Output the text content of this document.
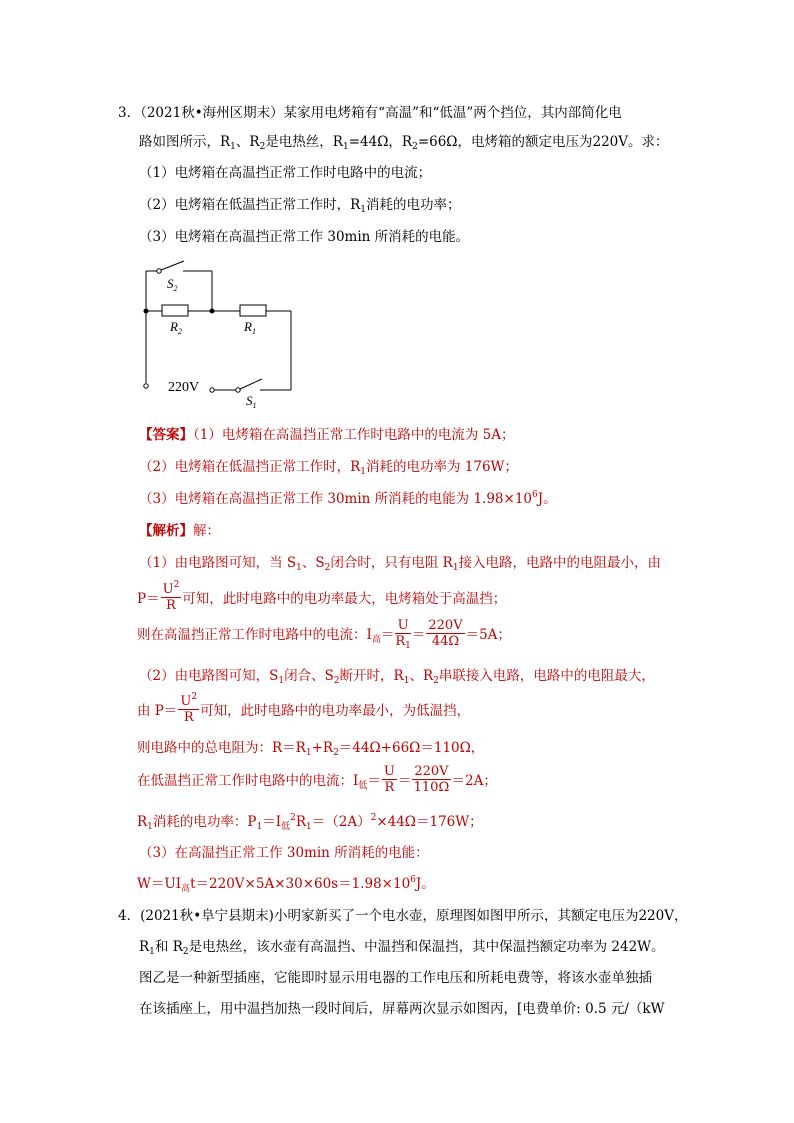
3．（2021秋•海州区期末）某家用电烤箱有“高温”和“低温”两个挡位，其内部简化电
路如图所示，$R_1$、$R_2$是电热丝，$R_1=44\Omega$，$R_2=66\Omega$，电烤箱的额定电压为220V。求：
（1）电烤箱在高温挡正常工作时电路中的电流；
（2）电烤箱在低温挡正常工作时，$R_1$消耗的电功率；
（3）电烤箱在高温挡正常工作 30min 所消耗的电能。
$S_2$
$R_2$	$R_1$
220V
$S_1$
【答案】（1）电烤箱在高温挡正常工作时电路中的电流为 5A；
（2）电烤箱在低温挡正常工作时，$R_1$消耗的电功率为 176W；
（3）电烤箱在高温挡正常工作 30min 所消耗的电能为 $1.98\times 10^6J$。
【解析】解：
（1）由电路图可知，当 $S_1$、$S_2$闭合时，只有电阻 $R_1$接入电路，电路中的电阻最小，由
$P= \frac{U^2}{R}$ 可知，此时电路中的电功率最大，电烤箱处于高温挡；
则在高温挡正常工作时电路中的电流：$I_高= \frac{U}{R_1} = \frac{220V}{44\Omega} =5A$；
（2）由电路图可知，$S_1$闭合、$S_2$断开时，$R_1$、$R_2$串联接入电路，电路中的电阻最大，
由 $P= \frac{U^2}{R}$ 可知，此时电路中的电功率最小，为低温挡，
则电路中的总电阻为：$R=R_1+R_2=44\Omega+66\Omega=110\Omega$，
在低温挡正常工作时电路中的电流：$I_低= \frac{U}{R} = \frac{220V}{110\Omega} =2A$；
$R_1$消耗的电功率：$P_1=I_低^2R_1=(2A)^2\times 44\Omega=176W$；
（3）在高温挡正常工作 30min 所消耗的电能：
$W=UI_高t=220V\times 5A\times 30\times 60s=1.98\times 10^6J$。
4．(2021秋•阜宁县期末)小明家新买了一个电水壶，原理图如图甲所示，其额定电压为220V，
$R_1$和 $R_2$是电热丝，该水壶有高温挡、中温挡和保温挡，其中保温挡额定功率为 242W。
图乙是一种新型插座，它能即时显示用电器的工作电压和所耗电费等，将该水壶单独插
在该插座上，用中温挡加热一段时间后，屏幕两次显示如图丙，[电费单价: 0.5 元/（kW
